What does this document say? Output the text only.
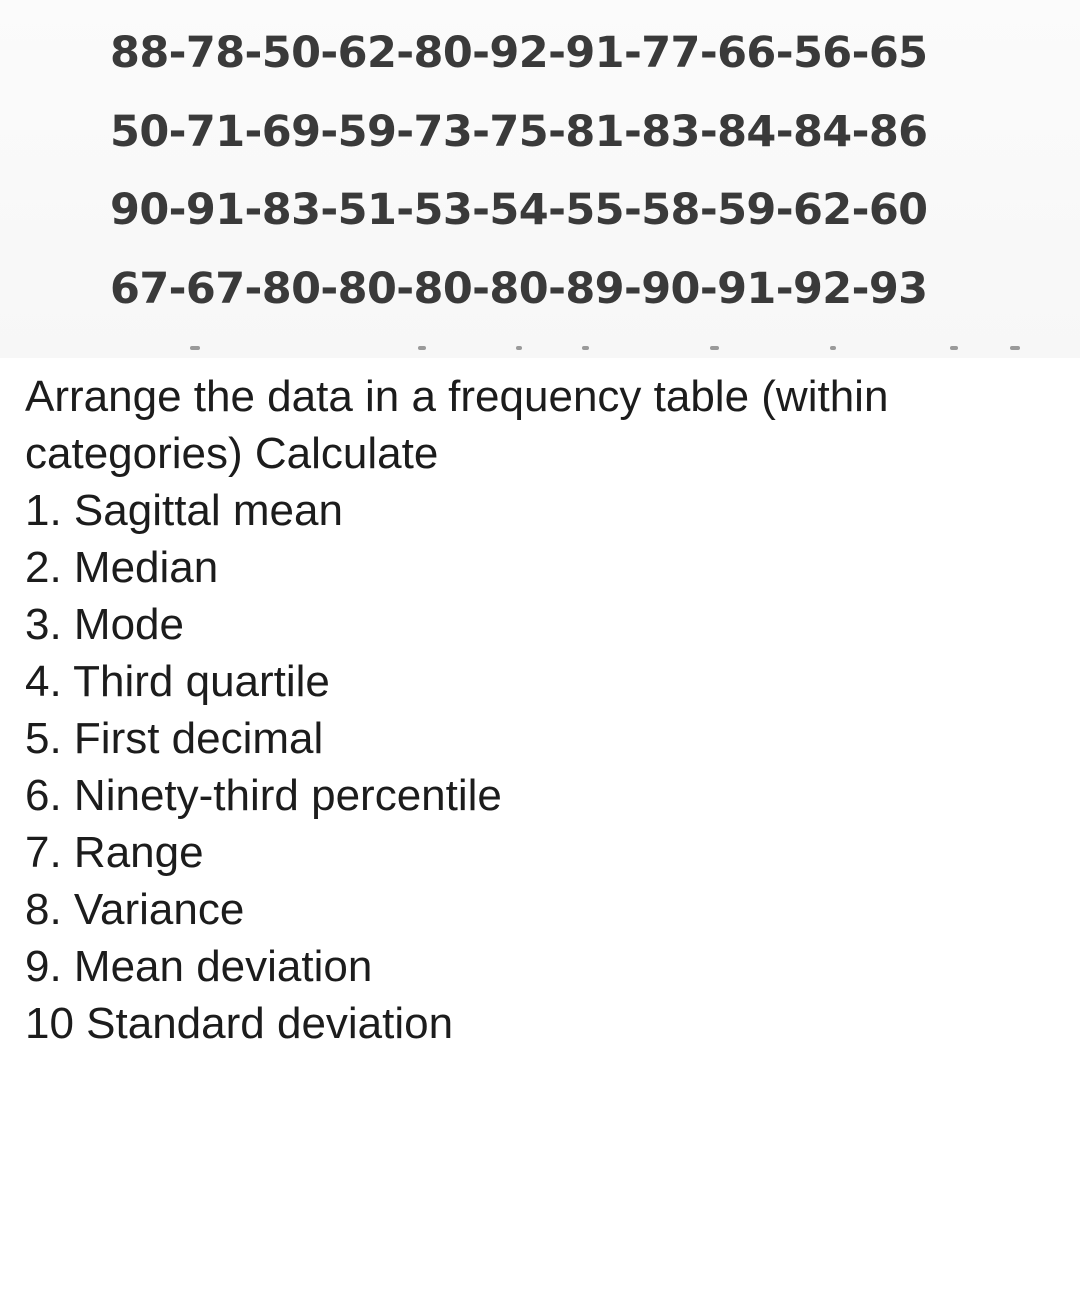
88-78-50-62-80-92-91-77-66-56-65
50-71-69-59-73-75-81-83-84-84-86
90-91-83-51-53-54-55-58-59-62-60
67-67-80-80-80-80-89-90-91-92-93

Arrange the data in a frequency table (within categories) Calculate

1. Sagittal mean
2. Median
3. Mode
4. Third quartile
5. First decimal
6. Ninety-third percentile
7. Range
8. Variance
9. Mean deviation
10 Standard deviation
